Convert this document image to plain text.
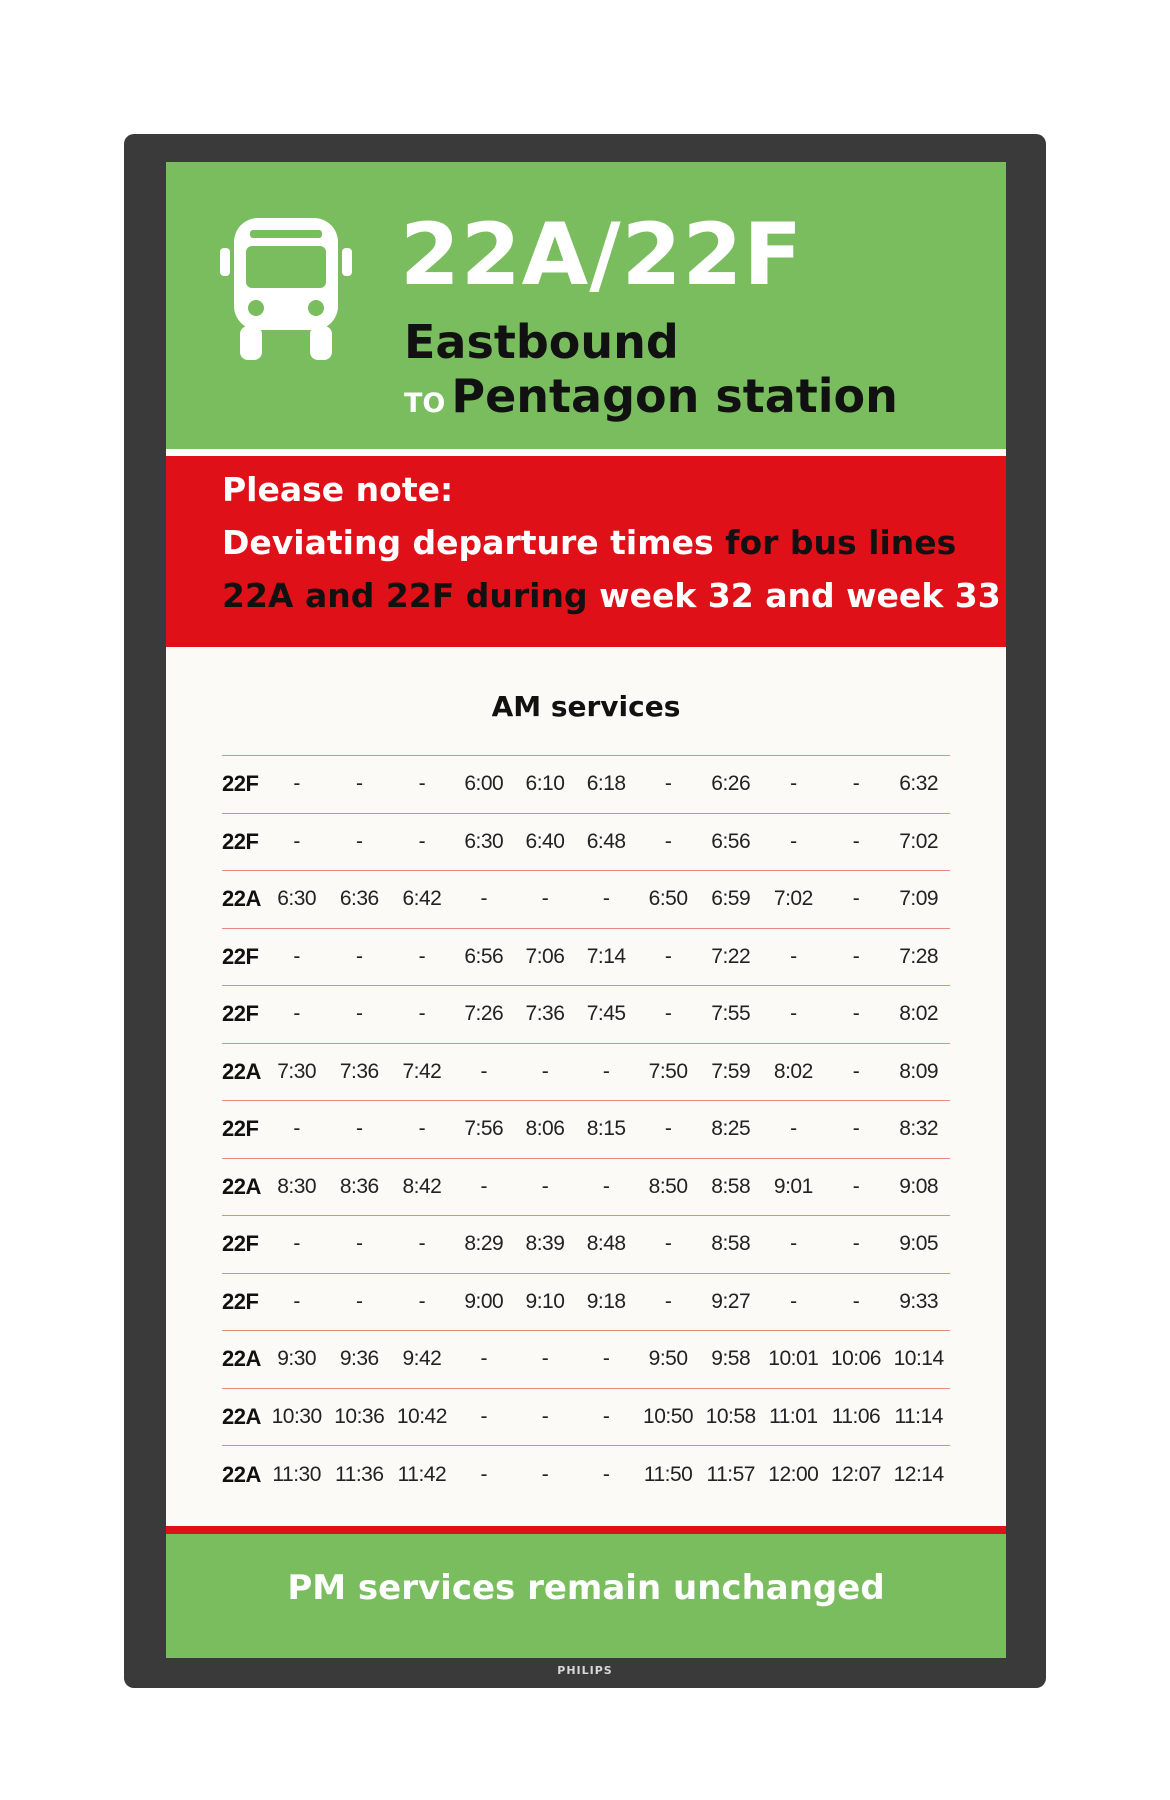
PHILIPS
22A/22F
Eastbound
TO Pentagon station
Please note:
Deviating departure times for bus lines
22A and 22F during week 32 and week 33
AM services
22F	-	-	-	6:00	6:10	6:18	-	6:26	-	-	6:32
22F	-	-	-	6:30	6:40	6:48	-	6:56	-	-	7:02
22A	6:30	6:36	6:42	-	-	-	6:50	6:59	7:02	-	7:09
22F	-	-	-	6:56	7:06	7:14	-	7:22	-	-	7:28
22F	-	-	-	7:26	7:36	7:45	-	7:55	-	-	8:02
22A	7:30	7:36	7:42	-	-	-	7:50	7:59	8:02	-	8:09
22F	-	-	-	7:56	8:06	8:15	-	8:25	-	-	8:32
22A	8:30	8:36	8:42	-	-	-	8:50	8:58	9:01	-	9:08
22F	-	-	-	8:29	8:39	8:48	-	8:58	-	-	9:05
22F	-	-	-	9:00	9:10	9:18	-	9:27	-	-	9:33
22A	9:30	9:36	9:42	-	-	-	9:50	9:58	10:01	10:06	10:14
22A	10:30	10:36	10:42	-	-	-	10:50	10:58	11:01	11:06	11:14
22A	11:30	11:36	11:42	-	-	-	11:50	11:57	12:00	12:07	12:14
PM services remain unchanged
